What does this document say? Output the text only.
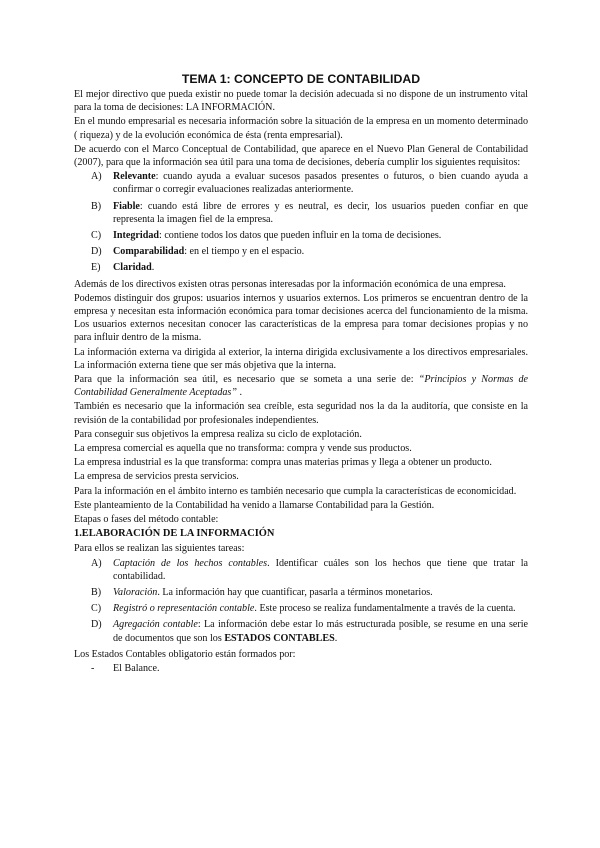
TEMA 1: CONCEPTO DE CONTABILIDAD

El mejor directivo que pueda existir no puede tomar la decisión adecuada si no dispone de un instrumento vital para la toma de decisiones: LA INFORMACIÓN.

En el mundo empresarial es necesaria información sobre la situación de la empresa en un momento determinado ( riqueza) y de la evolución económica de ésta (renta empresarial).

De acuerdo con el Marco Conceptual de Contabilidad, que aparece en el Nuevo Plan General de Contabilidad (2007), para que la información sea útil para una toma de decisiones, debería cumplir los siguientes requisitos:

A) Relevante: cuando ayuda a evaluar sucesos pasados presentes o futuros, o bien cuando ayuda a confirmar o corregir evaluaciones realizadas anteriormente.
B) Fiable: cuando está libre de errores y es neutral, es decir, los usuarios pueden confiar en que representa la imagen fiel de la empresa.
C) Integridad: contiene todos los datos que pueden influir en la toma de decisiones.
D) Comparabilidad: en el tiempo y en el espacio.
E) Claridad.

Además de los directivos existen otras personas interesadas por la información económica de una empresa.

Podemos distinguir dos grupos: usuarios internos y usuarios externos. Los primeros se encuentran dentro de la empresa y necesitan esta información económica para tomar decisiones acerca del funcionamiento de la misma. Los usuarios externos necesitan conocer las características de la empresa para tomar decisiones propias y no para influir dentro de la misma.

La información externa va dirigida al exterior, la interna dirigida exclusivamente a los directivos empresariales. La información externa tiene que ser más objetiva que la interna.

Para que la información sea útil, es necesario que se someta a una serie de: “Principios y Normas de Contabilidad Generalmente Aceptadas” .

También es necesario que la información sea creíble, esta seguridad nos la da la auditoría, que consiste en la revisión de la contabilidad por profesionales independientes.

Para conseguir sus objetivos la empresa realiza su ciclo de explotación.

La empresa comercial es aquella que no transforma: compra y vende sus productos.

La empresa industrial es la que transforma: compra unas materias primas y llega a obtener un producto.

La empresa de servicios presta servicios.

Para la información en el ámbito interno es también necesario que cumpla la características de economicidad.

Este planteamiento de la Contabilidad ha venido a llamarse Contabilidad para la Gestión.

Etapas o fases del método contable:

1.ELABORACIÓN DE LA INFORMACIÓN

Para ellos se realizan las siguientes tareas:

A) Captación de los hechos contables. Identificar cuáles son los hechos que tiene que tratar la contabilidad.
B) Valoración. La información hay que cuantificar, pasarla a términos monetarios.
C) Registró o representación contable. Este proceso se realiza fundamentalmente a través de la cuenta.
D) Agregación contable: La información debe estar lo más estructurada posible, se resume en una serie de documentos que son los ESTADOS CONTABLES.

Los Estados Contables obligatorio están formados por:

- El Balance.
